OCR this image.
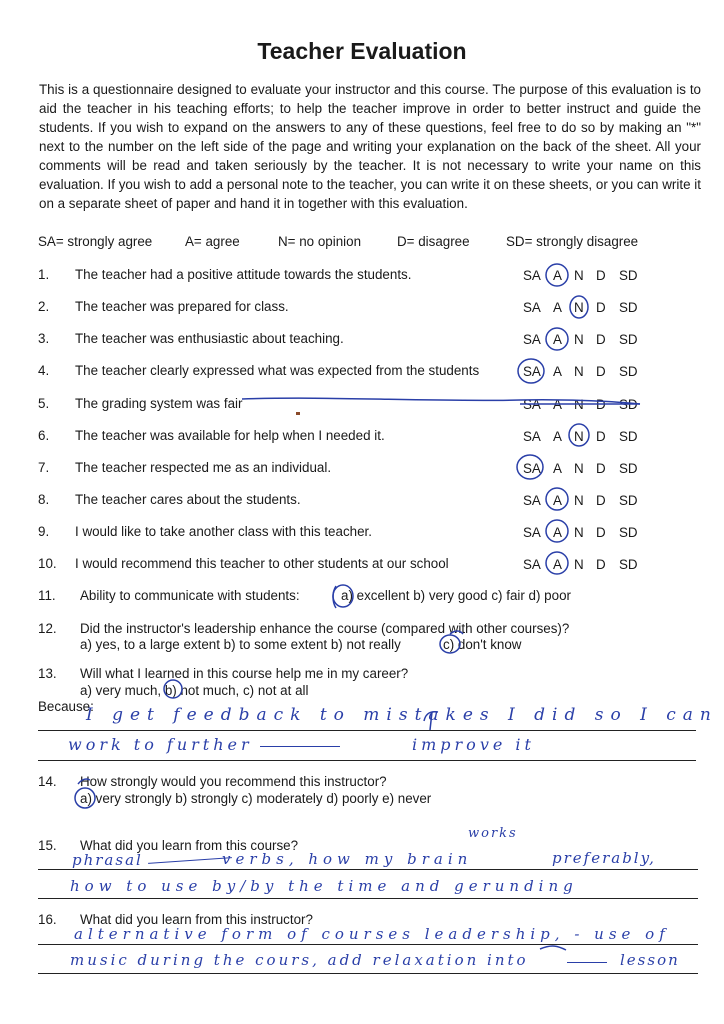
Teacher Evaluation

This is a questionnaire designed to evaluate your instructor and this course. The purpose of this evaluation is to aid the teacher in his teaching efforts; to help the teacher improve in order to better instruct and guide the students. If you wish to expand on the answers to any of these questions, feel free to do so by making an "*" next to the number on the left side of the page and writing your explanation on the back of the sheet. All your comments will be read and taken seriously by the teacher. It is not necessary to write your name on this evaluation. If you wish to add a personal note to the teacher, you can write it on these sheets, or you can write it on a separate sheet of paper and hand it in together with this evaluation.

SA= strongly agree A= agree	N= no opinion	D= disagree	SD= strongly disagree
1. The teacher had a positive attitude towards the students.	SA A N D SD
2. The teacher was prepared for class.	SA A N D SD
3. The teacher was enthusiastic about teaching.	SA A N D SD
4. The teacher clearly expressed what was expected from the students	SA A N D SD
5. The grading system was fair	SA A N D SD
6. The teacher was available for help when I needed it.	SA A N D SD
7. The teacher respected me as an individual.	SA A N D SD
8. The teacher cares about the students.	SA A N D SD
9. I would like to take another class with this teacher.	SA A N D SD
10. I would recommend this teacher to other students at our school	SA A N D SD
11. Ability to communicate with students:	a) excellent b) very good c) fair d) poor
12. Did the instructor's leadership enhance the course (compared with other courses)?
a) yes, to a large extent b) to some extent b) not really	c) don't know
13. Will what I learned in this course help me in my career?
a) very much, b) not much, c) not at all
Because:
I get feedback to mistakes I did so I can
work to further	improve it
14. How strongly would you recommend this instructor?
a) very strongly b) strongly c) moderately d) poorly e) never
15. What did you learn from this course?
works
phrasal	verbs, how my brain	preferably,
how to use by/by the time and gerunding
16. What did you learn from this instructor?
alternative form of courses leadership, - use of
music during the cours, add relaxation into	lesson
